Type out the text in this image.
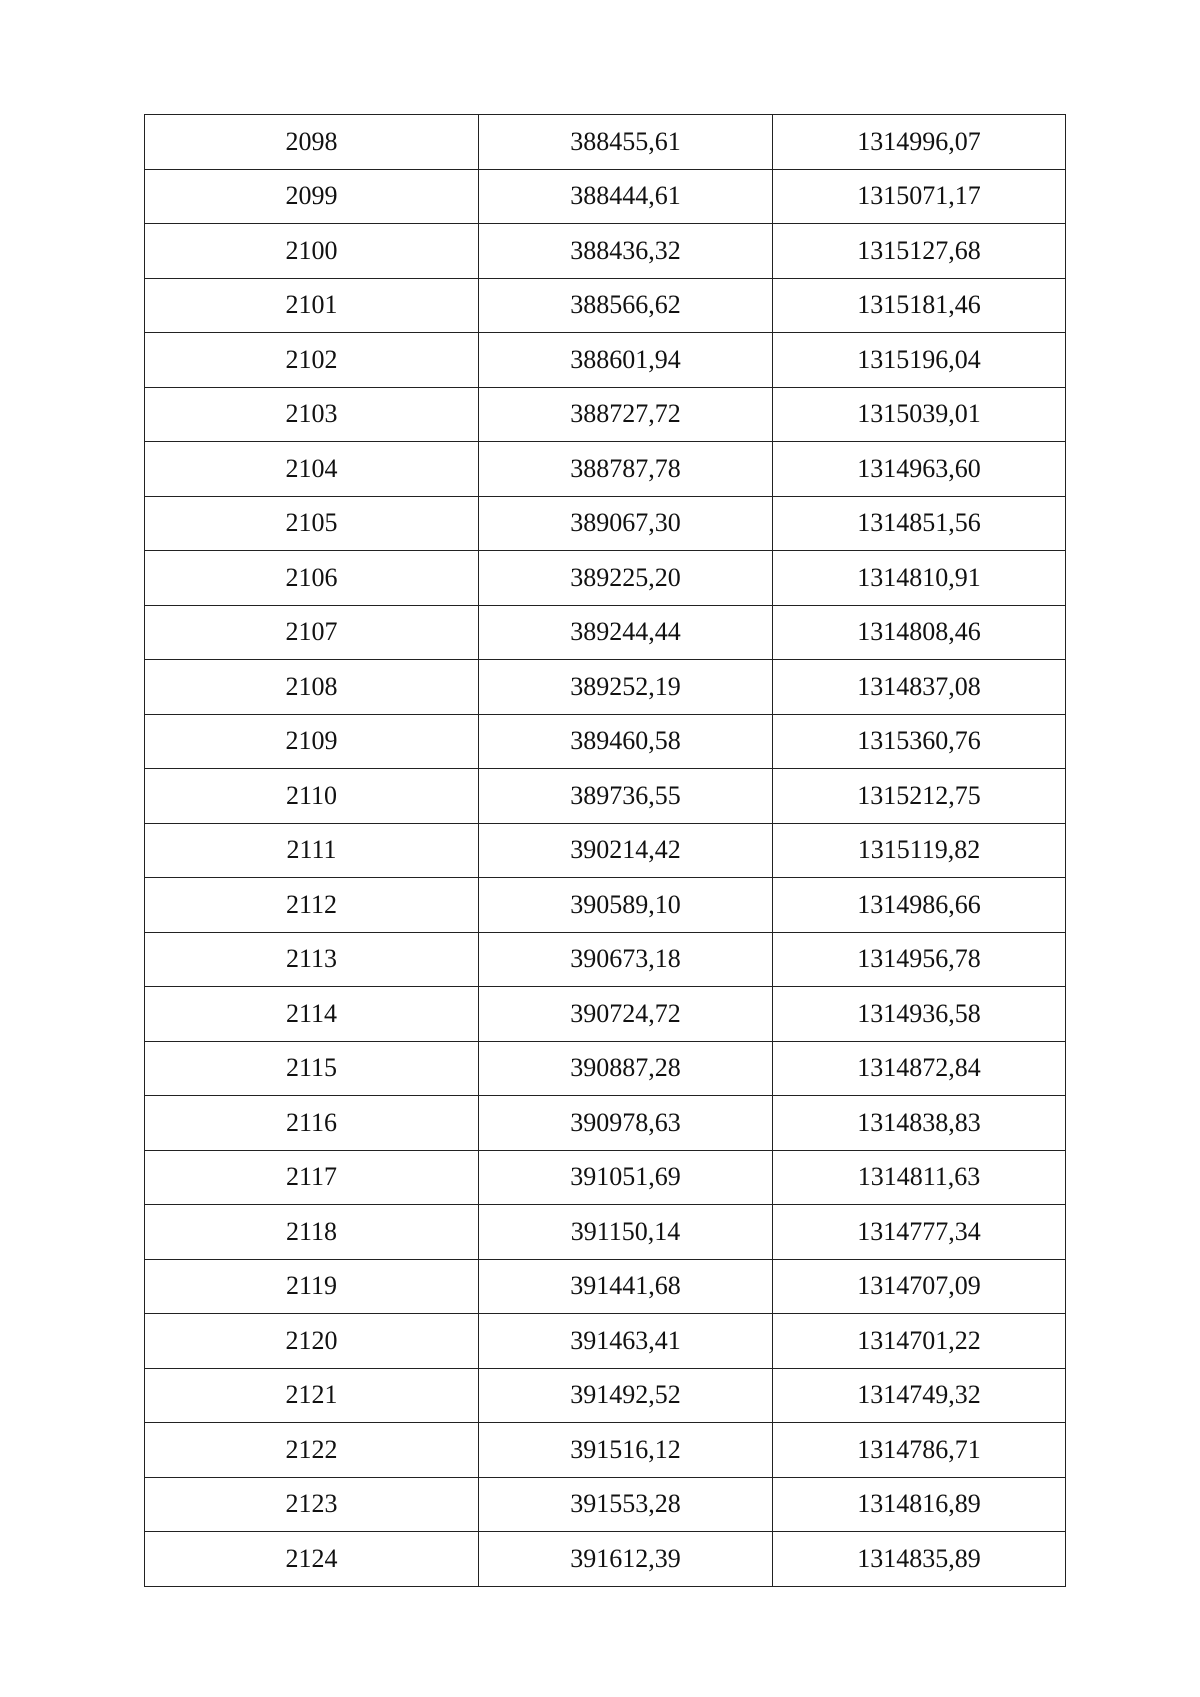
2098	388455,61	1314996,07
2099	388444,61	1315071,17
2100	388436,32	1315127,68
2101	388566,62	1315181,46
2102	388601,94	1315196,04
2103	388727,72	1315039,01
2104	388787,78	1314963,60
2105	389067,30	1314851,56
2106	389225,20	1314810,91
2107	389244,44	1314808,46
2108	389252,19	1314837,08
2109	389460,58	1315360,76
2110	389736,55	1315212,75
2111	390214,42	1315119,82
2112	390589,10	1314986,66
2113	390673,18	1314956,78
2114	390724,72	1314936,58
2115	390887,28	1314872,84
2116	390978,63	1314838,83
2117	391051,69	1314811,63
2118	391150,14	1314777,34
2119	391441,68	1314707,09
2120	391463,41	1314701,22
2121	391492,52	1314749,32
2122	391516,12	1314786,71
2123	391553,28	1314816,89
2124	391612,39	1314835,89
